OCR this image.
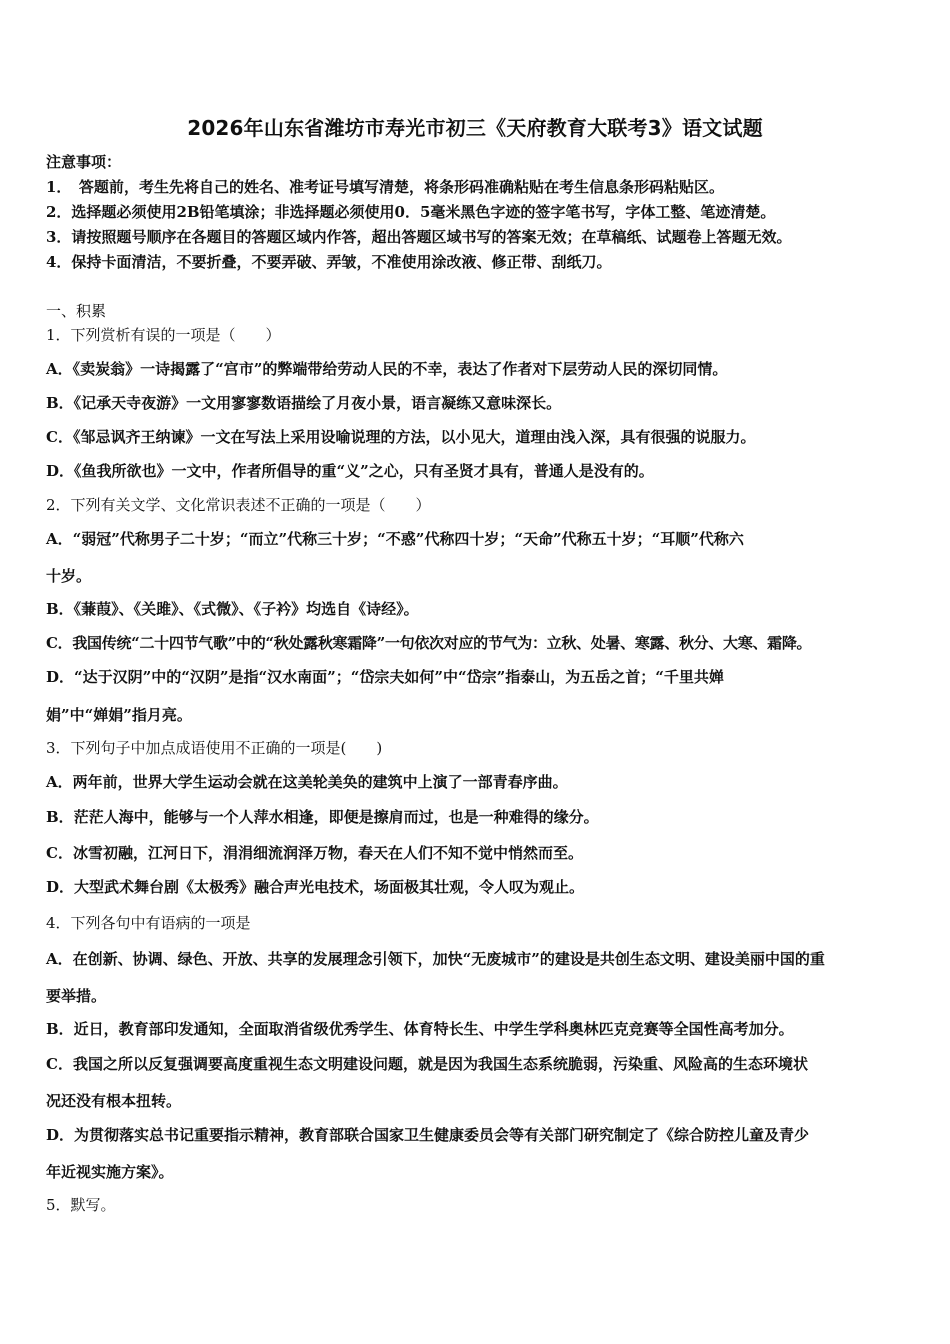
2026年山东省潍坊市寿光市初三《天府教育大联考3》语文试题
注意事项：
1．　答题前，考生先将自己的姓名、准考证号填写清楚，将条形码准确粘贴在考生信息条形码粘贴区。
2．选择题必须使用2B铅笔填涂；非选择题必须使用0．5毫米黑色字迹的签字笔书写，字体工整、笔迹清楚。
3．请按照题号顺序在各题目的答题区域内作答，超出答题区域书写的答案无效；在草稿纸、试题卷上答题无效。
4．保持卡面清洁，不要折叠，不要弄破、弄皱，不准使用涂改液、修正带、刮纸刀。
一、积累
1．下列赏析有误的一项是（　　）
A．《卖炭翁》一诗揭露了“宫市”的弊端带给劳动人民的不幸，表达了作者对下层劳动人民的深切同情。
B．《记承天寺夜游》一文用寥寥数语描绘了月夜小景，语言凝练又意味深长。
C．《邹忌讽齐王纳谏》一文在写法上采用设喻说理的方法，以小见大，道理由浅入深，具有很强的说服力。
D．《鱼我所欲也》一文中，作者所倡导的重“义”之心，只有圣贤才具有，普通人是没有的。
2．下列有关文学、文化常识表述不正确的一项是（　　）
A．“弱冠”代称男子二十岁；“而立”代称三十岁；“不惑”代称四十岁；“天命”代称五十岁；“耳顺”代称六
十岁。
B．《蒹葭》、《关雎》、《式微》、《子衿》均选自《诗经》。
C．我国传统“二十四节气歌”中的“秋处露秋寒霜降”一句依次对应的节气为：立秋、处暑、寒露、秋分、大寒、霜降。
D．“达于汉阴”中的“汉阴”是指“汉水南面”；“岱宗夫如何”中“岱宗”指泰山，为五岳之首；“千里共婵
娟”中“婵娟”指月亮。
3．下列句子中加点成语使用不正确的一项是(　　)
A．两年前，世界大学生运动会就在这美轮美奂的建筑中上演了一部青春序曲。
B．茫茫人海中，能够与一个人萍水相逢，即便是擦肩而过，也是一种难得的缘分。
C．冰雪初融，江河日下，涓涓细流润泽万物，春天在人们不知不觉中悄然而至。
D．大型武术舞台剧《太极秀》融合声光电技术，场面极其壮观，令人叹为观止。
4．下列各句中有语病的一项是
A．在创新、协调、绿色、开放、共享的发展理念引领下，加快“无废城市”的建设是共创生态文明、建设美丽中国的重
要举措。
B．近日，教育部印发通知，全面取消省级优秀学生、体育特长生、中学生学科奥林匹克竞赛等全国性高考加分。
C．我国之所以反复强调要高度重视生态文明建设问题，就是因为我国生态系统脆弱，污染重、风险高的生态环境状
况还没有根本扭转。
D．为贯彻落实总书记重要指示精神，教育部联合国家卫生健康委员会等有关部门研究制定了《综合防控儿童及青少
年近视实施方案》。
5．默写。
